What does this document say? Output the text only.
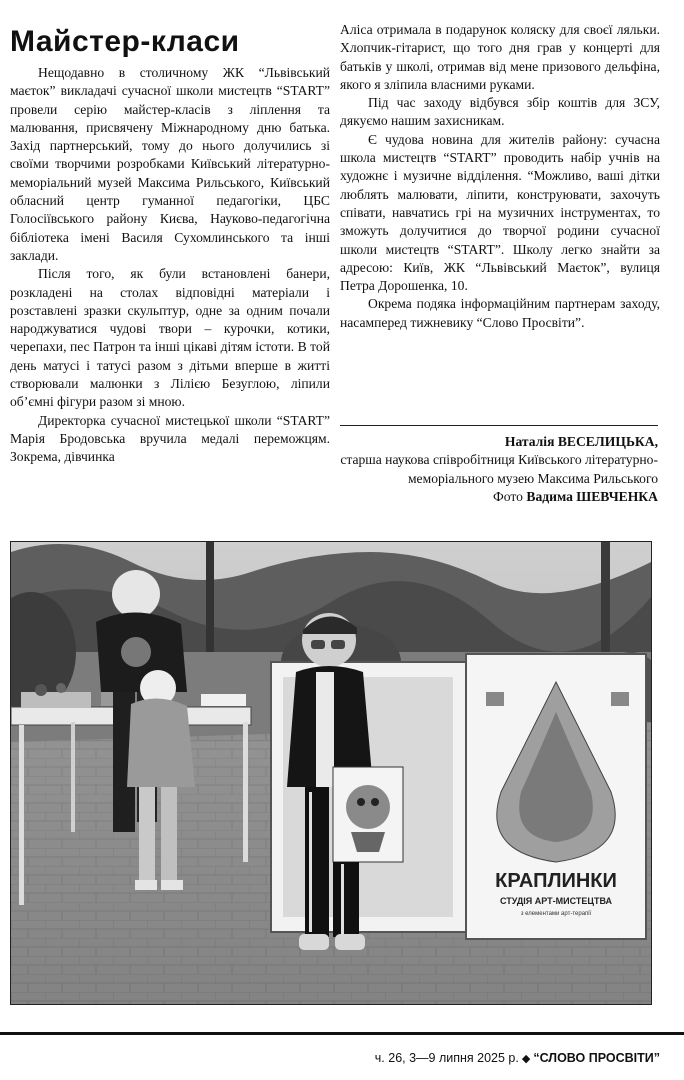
Майстер-класи

Нещодавно в столичному ЖК “Львівський маєток” викладачі сучасної школи мистецтв “START” провели серію майстер-класів з ліплення та малювання, присвячену Міжнародному дню батька. Захід партнерський, тому до нього долучились зі своїми творчими розробками Київський літературно-меморіальний музей Максима Рильського, Київський обласний центр гуманної педагогіки, ЦБС Голосіївського району Києва, Науково-педагогічна бібліотека імені Василя Сухомлинського та інші заклади.

Після того, як були встановлені банери, розкладені на столах відповідні матеріали і розставлені зразки скульптур, одне за одним почали народжуватися чудові твори – курочки, котики, черепахи, пес Патрон та інші цікаві дітям істоти. В той день матусі і татусі разом з дітьми вперше в житті створювали малюнки з Лілією Безуглою, ліпили об’ємні фігури разом зі мною.

Директорка сучасної мистецької школи “START” Марія Бродовська вручила медалі переможцям. Зокрема, дівчинка

Аліса отримала в подарунок коляску для своєї ляльки. Хлопчик-гітарист, що того дня грав у концерті для батьків у школі, отримав від мене призового дельфіна, якого я зліпила власними руками.

Під час заходу відбувся збір коштів для ЗСУ, дякуємо нашим захисникам.

Є чудова новина для жителів району: сучасна школа мистецтв “START” проводить набір учнів на художнє і музичне відділення. “Можливо, ваші дітки люблять малювати, ліпити, конструювати, захочуть співати, навчатись грі на музичних інструментах, то зможуть долучитися до творчої родини сучасної школи мистецтв “START”. Школу легко знайти за адресою: Київ, ЖК “Львівський Маєток”, вулиця Петра Дорошенка, 10.

Окрема подяка інформаційним партнерам заходу, насамперед тижневику “Слово Просвіти”.

Наталія ВЕСЕЛИЦЬКА,
старша наукова співробітниця Київського літературно-меморіального музею Максима Рильського
Фото Вадима ШЕВЧЕНКА
КРАПЛИНКИ
СТУДІЯ АРТ-МИСТЕЦТВА
з елементами арт-терапії
ч. 26, 3—9 липня 2025 р. ◆ “СЛОВО ПРОСВІТИ”
